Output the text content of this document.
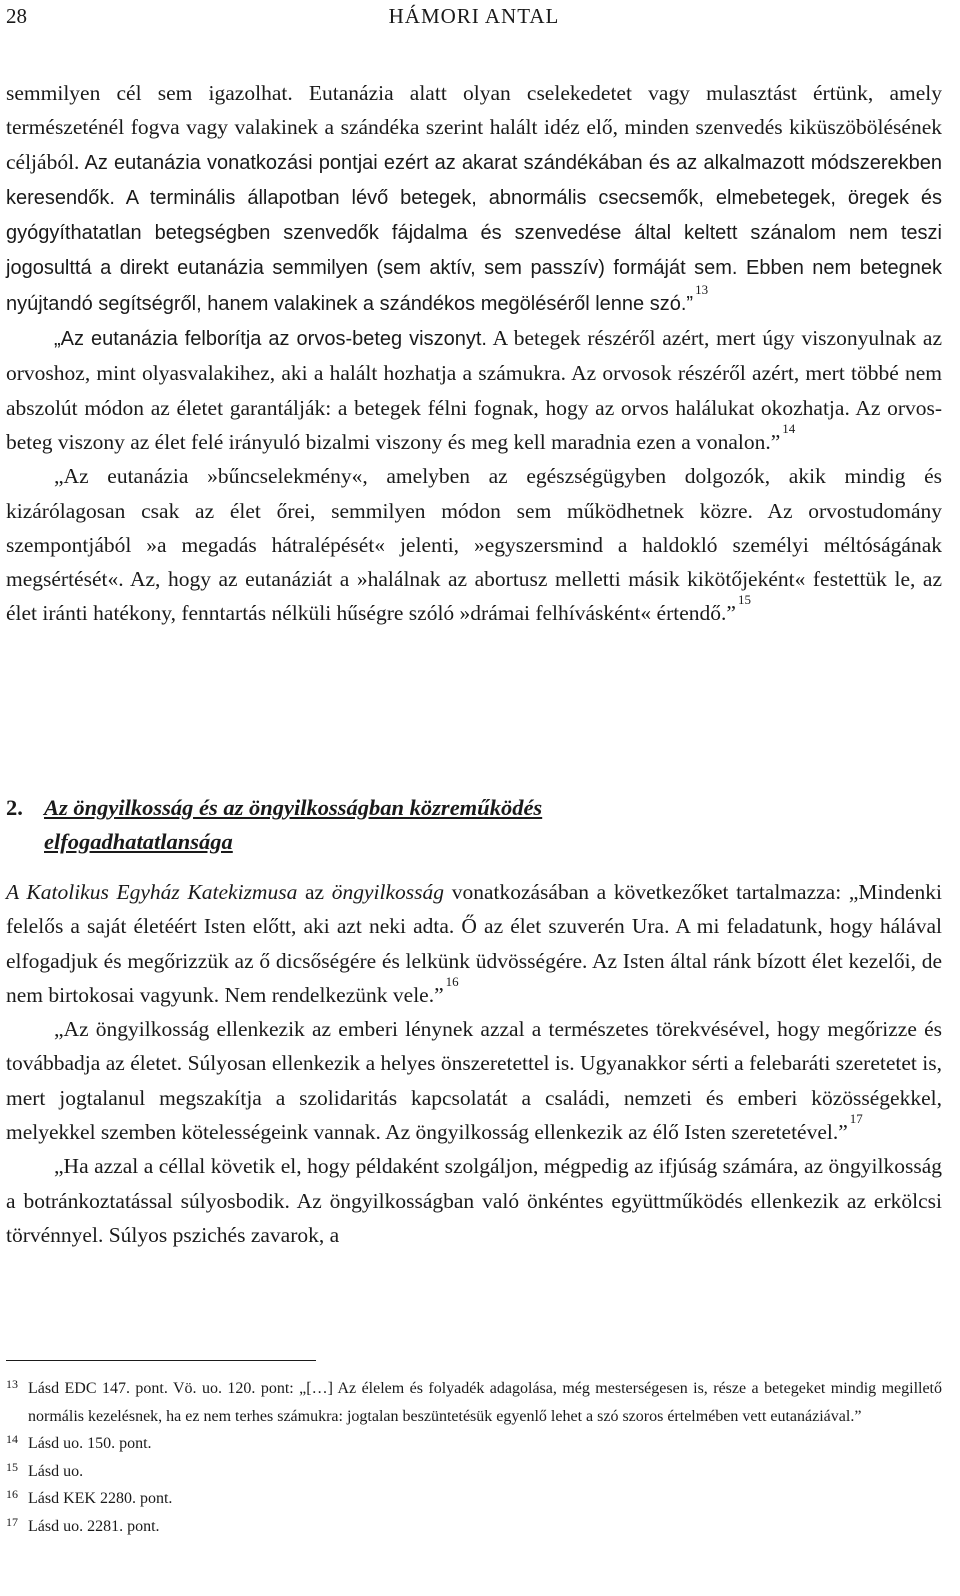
28	HÁMORI ANTAL

semmilyen cél sem igazolhat. Eutanázia alatt olyan cselekedetet vagy mulasztást értünk, amely természeténél fogva vagy valakinek a szándéka szerint halált idéz elő, minden szenvedés kiküszöbölésének céljából. Az eutanázia vonatkozási pontjai ezért az akarat szándékában és az alkalmazott módszerekben keresendők. A terminális állapotban lévő betegek, abnormális csecsemők, elmebetegek, öregek és gyógyíthatatlan betegségben szenvedők fájdalma és szenvedése által keltett szánalom nem teszi jogosulttá a direkt eutanázia semmilyen (sem aktív, sem passzív) formáját sem. Ebben nem betegnek nyújtandó segítségről, hanem valakinek a szándékos megöléséről lenne szó.”$^{13}$

„Az eutanázia felborítja az orvos-beteg viszonyt. A betegek részéről azért, mert úgy viszonyulnak az orvoshoz, mint olyasvalakihez, aki a halált hozhatja a számukra. Az orvosok részéről azért, mert többé nem abszolút módon az életet garantálják: a betegek félni fognak, hogy az orvos halálukat okozhatja. Az orvos-beteg viszony az élet felé irányuló bizalmi viszony és meg kell maradnia ezen a vonalon.”$^{14}$

„Az eutanázia »bűncselekmény«, amelyben az egészségügyben dolgozók, akik mindig és kizárólagosan csak az élet őrei, semmilyen módon sem működhetnek közre. Az orvostudomány szempontjából »a megadás hátralépését« jelenti, »egyszersmind a haldokló személyi méltóságának megsértését«. Az, hogy az eutanáziát a »halálnak az abortusz melletti másik kikötőjeként« festettük le, az élet iránti hatékony, fenntartás nélküli hűségre szóló »drámai felhívásként« értendő.”$^{15}$

2. Az öngyilkosság és az öngyilkosságban közreműködés
elfogadhatatlansága

A Katolikus Egyház Katekizmusa az öngyilkosság vonatkozásában a következőket tartalmazza: „Mindenki felelős a saját életéért Isten előtt, aki azt neki adta. Ő az élet szuverén Ura. A mi feladatunk, hogy hálával elfogadjuk és megőrizzük az ő dicsőségére és lelkünk üdvösségére. Az Isten által ránk bízott élet kezelői, de nem birtokosai vagyunk. Nem rendelkezünk vele.”$^{16}$

„Az öngyilkosság ellenkezik az emberi lénynek azzal a természetes törekvésével, hogy megőrizze és továbbadja az életet. Súlyosan ellenkezik a helyes önszeretettel is. Ugyanakkor sérti a felebaráti szeretetet is, mert jogtalanul megszakítja a szolidaritás kapcsolatát a családi, nemzeti és emberi közösségekkel, melyekkel szemben kötelességeink vannak. Az öngyilkosság ellenkezik az élő Isten szeretetével.”$^{17}$

„Ha azzal a céllal követik el, hogy példaként szolgáljon, mégpedig az ifjúság számára, az öngyilkosság a botránkoztatással súlyosbodik. Az öngyilkosságban való önkéntes együttműködés ellenkezik az erkölcsi törvénnyel. Súlyos pszichés zavarok, a

13 Lásd EDC 147. pont. Vö. uo. 120. pont: „[…] Az élelem és folyadék adagolása, még mesterségesen is, része a betegeket mindig megillető normális kezelésnek, ha ez nem terhes számukra: jogtalan beszüntetésük egyenlő lehet a szó szoros értelmében vett eutanáziával.”
14 Lásd uo. 150. pont.
15 Lásd uo.
16 Lásd KEK 2280. pont.
17 Lásd uo. 2281. pont.
